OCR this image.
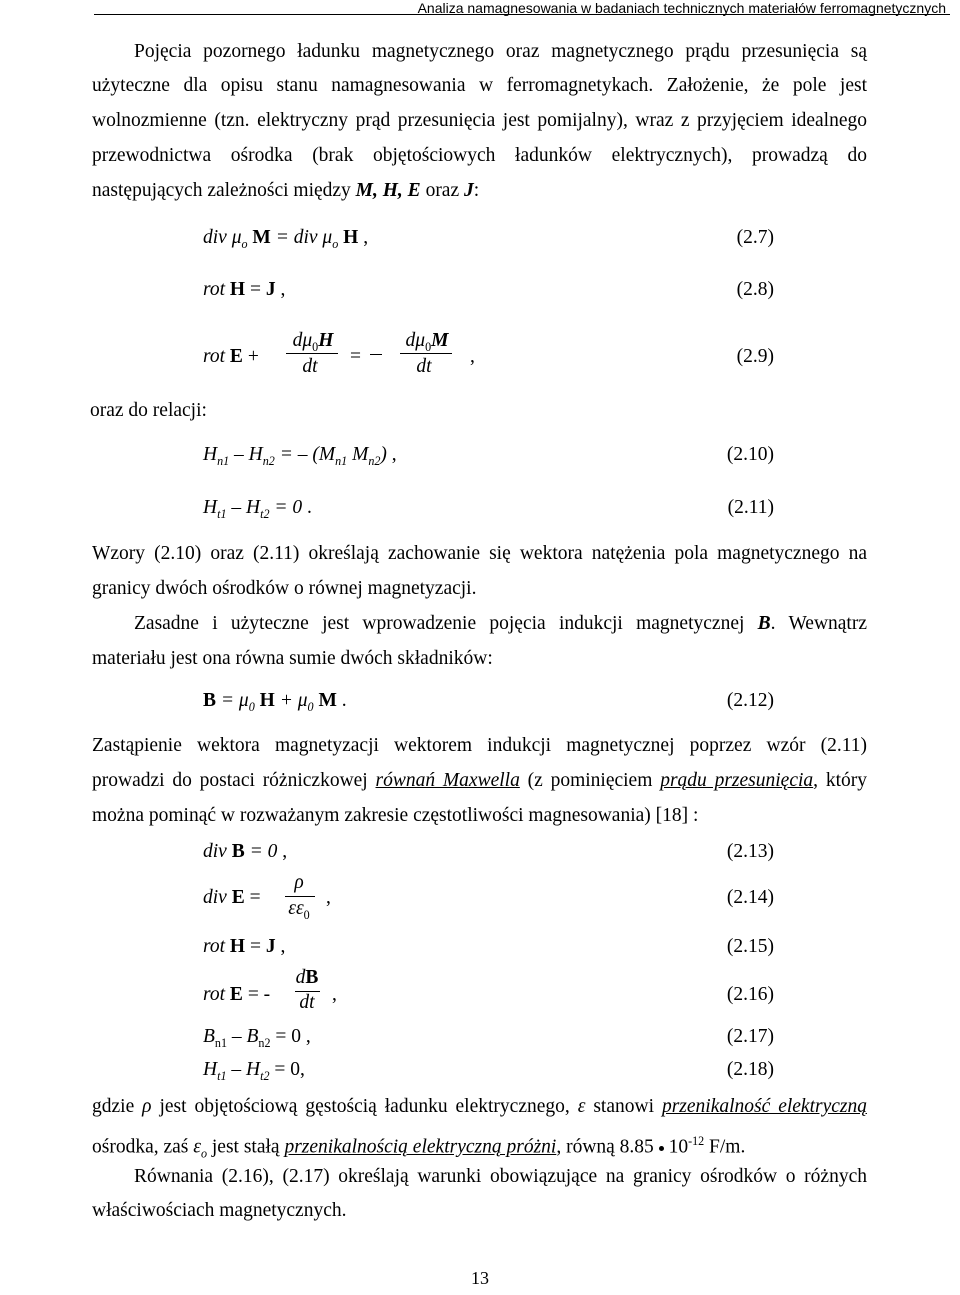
Analiza namagnesowania w badaniach technicznych materiałów ferromagnetycznych
Pojęcia pozornego ładunku magnetycznego oraz magnetycznego prądu przesunięcia są
użyteczne dla opisu stanu namagnesowania w ferromagnetykach. Założenie, że pole jest
wolnozmienne (tzn. elektryczny prąd przesunięcia jest pomijalny), wraz z przyjęciem idealnego
przewodnictwa ośrodka (brak objętościowych ładunków elektrycznych), prowadzą do
następujących zależności między M, H, E oraz J:
div $\mu_o$ M = div $\mu_o$ H ,	(2.7)
rot H = J ,	(2.8)
rot E +
$d\mu_0H$
dt	=
$d\mu_0M$
dt	,	(2.9)
oraz do relacji:
$H_{n1} - H_{n2}$ = – ($M_{n1}$ $M_{n2}$) ,	(2.10)
$H_{t1} - H_{t2} = 0$ .	(2.11)
Wzory (2.10) oraz (2.11) określają zachowanie się wektora natężenia pola magnetycznego na
granicy dwóch ośrodków o równej magnetyzacji.
Zasadne i użyteczne jest wprowadzenie pojęcia indukcji magnetycznej B. Wewnątrz
materiału jest ona równa sumie dwóch składników:
$B = \mu_0$ $H + \mu_0$ M .	(2.12)
Zastąpienie wektora magnetyzacji wektorem indukcji magnetycznej poprzez wzór (2.11)
prowadzi do postaci różniczkowej równań Maxwella (z pominięciem prądu przesunięcia, który
można pominąć w rozważanym zakresie częstotliwości magnesowania) [18] :
div B = 0 ,	(2.13)
div E =
ρ
$\varepsilon\varepsilon_0$
,	(2.14)
rot H = J ,	(2.15)
rot E = -
dB
dt ,	(2.16)
$B_{n1} - B_{n2} = 0$ ,	(2.17)
$H_{t1} - H_{t2} = 0$,	(2.18)
gdzie ρ jest objętościową gęstością ładunku elektrycznego, ε stanowi przenikalność elektryczną
ośrodka, zaś $\varepsilon_o$ jest stałą przenikalnością elektryczną próżni, równą 8.85  $10^{-12}$ F/m.
Równania (2.16), (2.17) określają warunki obowiązujące na granicy ośrodków o różnych
właściwościach magnetycznych.
13
